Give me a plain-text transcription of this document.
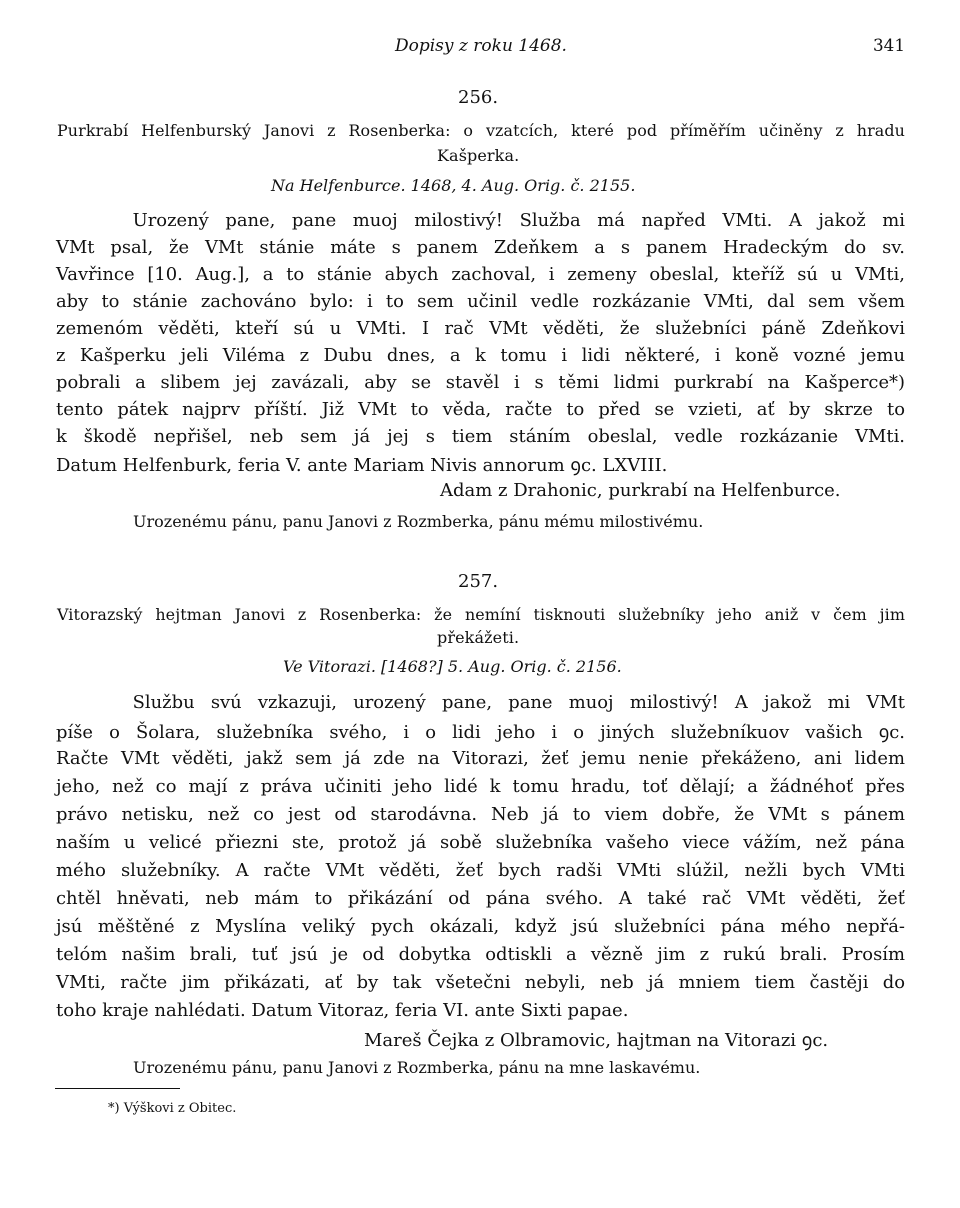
Dopisy z roku 1468.	341
256.
Purkrabí Helfenburský Janovi z Rosenberka: o vzatcích, které pod příměřím učiněny z hradu
Kašperka.
Na Helfenburce. 1468, 4. Aug. Orig. č. 2155.
Urozený pane, pane muoj milostivý! Služba má napřed VMti. A jakož mi
VMt psal, že VMt stánie máte s panem Zdeňkem a s panem Hradeckým do sv.
Vavřince [10. Aug.], a to stánie abych zachoval, i zemeny obeslal, kteříž sú u VMti,
aby to stánie zachováno bylo: i to sem učinil vedle rozkázanie VMti, dal sem všem
zemenóm věděti, kteří sú u VMti. I rač VMt věděti, že služebníci páně Zdeňkovi
z Kašperku jeli Viléma z Dubu dnes, a k tomu i lidi některé, i koně vozné jemu
pobrali a slibem jej zavázali, aby se stavěl i s těmi lidmi purkrabí na Kašperce*)
tento pátek najprv příští. Již VMt to věda, račte to před se vzieti, ať by skrze to
k škodě nepřišel, neb sem já jej s tiem stáním obeslal, vedle rozkázanie VMti.
Datum Helfenburk, feria V. ante Mariam Nivis annorum ꝯc. LXVIII.
Adam z Drahonic, purkrabí na Helfenburce.
Urozenému pánu, panu Janovi z Rozmberka, pánu mému milostivému.
257.
Vitorazský hejtman Janovi z Rosenberka: že nemíní tisknouti služebníky jeho aniž v čem jim
překážeti.
Ve Vitorazi. [1468?] 5. Aug. Orig. č. 2156.
Službu svú vzkazuji, urozený pane, pane muoj milostivý! A jakož mi VMt
píše o Šolara, služebníka svého, i o lidi jeho i o jiných služebníkuov vašich ꝯc.
Račte VMt věděti, jakž sem já zde na Vitorazi, žeť jemu nenie překáženo, ani lidem
jeho, než co mají z práva učiniti jeho lidé k tomu hradu, toť dělají; a žádnéhoť přes
právo netisku, než co jest od starodávna. Neb já to viem dobře, že VMt s pánem
naším u velicé přiezni ste, protož já sobě služebníka vašeho viece vážím, než pána
mého služebníky. A račte VMt věděti, žeť bych radši VMti slúžil, nežli bych VMti
chtěl hněvati, neb mám to přikázání od pána svého. A také rač VMt věděti, žeť
jsú měštěné z Myslína veliký pych okázali, když jsú služebníci pána mého nepřá-
telóm našim brali, tuť jsú je od dobytka odtiskli a vězně jim z rukú brali. Prosím
VMti, račte jim přikázati, ať by tak všetečni nebyli, neb já mniem tiem častěji do
toho kraje nahlédati. Datum Vitoraz, feria VI. ante Sixti papae.
Mareš Čejka z Olbramovic, hajtman na Vitorazi ꝯc.
Urozenému pánu, panu Janovi z Rozmberka, pánu na mne laskavému.
*) Výškovi z Obitec.
